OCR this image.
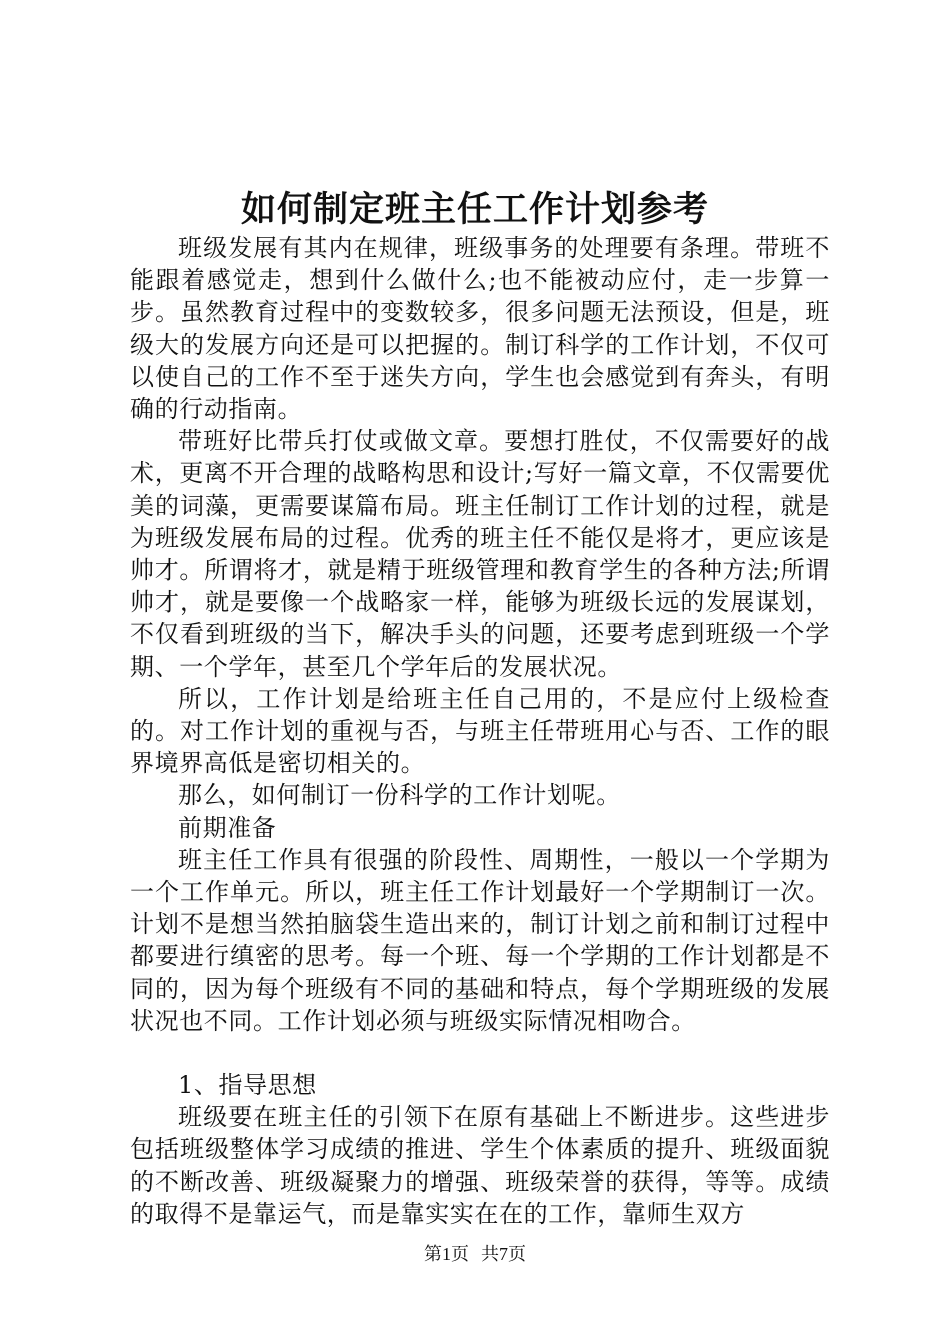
如何制定班主任工作计划参考

班级发展有其内在规律，班级事务的处理要有条理。带班不能跟着感觉走，想到什么做什么;也不能被动应付，走一步算一步。虽然教育过程中的变数较多，很多问题无法预设，但是，班级大的发展方向还是可以把握的。制订科学的工作计划，不仅可以使自己的工作不至于迷失方向，学生也会感觉到有奔头，有明确的行动指南。

带班好比带兵打仗或做文章。要想打胜仗，不仅需要好的战术，更离不开合理的战略构思和设计;写好一篇文章，不仅需要优美的词藻，更需要谋篇布局。班主任制订工作计划的过程，就是为班级发展布局的过程。优秀的班主任不能仅是将才，更应该是帅才。所谓将才，就是精于班级管理和教育学生的各种方法;所谓帅才，就是要像一个战略家一样，能够为班级长远的发展谋划，不仅看到班级的当下，解决手头的问题，还要考虑到班级一个学期、一个学年，甚至几个学年后的发展状况。

所以，工作计划是给班主任自己用的，不是应付上级检查的。对工作计划的重视与否，与班主任带班用心与否、工作的眼界境界高低是密切相关的。

那么，如何制订一份科学的工作计划呢。

前期准备

班主任工作具有很强的阶段性、周期性，一般以一个学期为一个工作单元。所以，班主任工作计划最好一个学期制订一次。计划不是想当然拍脑袋生造出来的，制订计划之前和制订过程中都要进行缜密的思考。每一个班、每一个学期的工作计划都是不同的，因为每个班级有不同的基础和特点，每个学期班级的发展状况也不同。工作计划必须与班级实际情况相吻合。

1、指导思想

班级要在班主任的引领下在原有基础上不断进步。这些进步包括班级整体学习成绩的推进、学生个体素质的提升、班级面貌的不断改善、班级凝聚力的增强、班级荣誉的获得，等等。成绩的取得不是靠运气，而是靠实实在在的工作，靠师生双方

第1页 共7页
